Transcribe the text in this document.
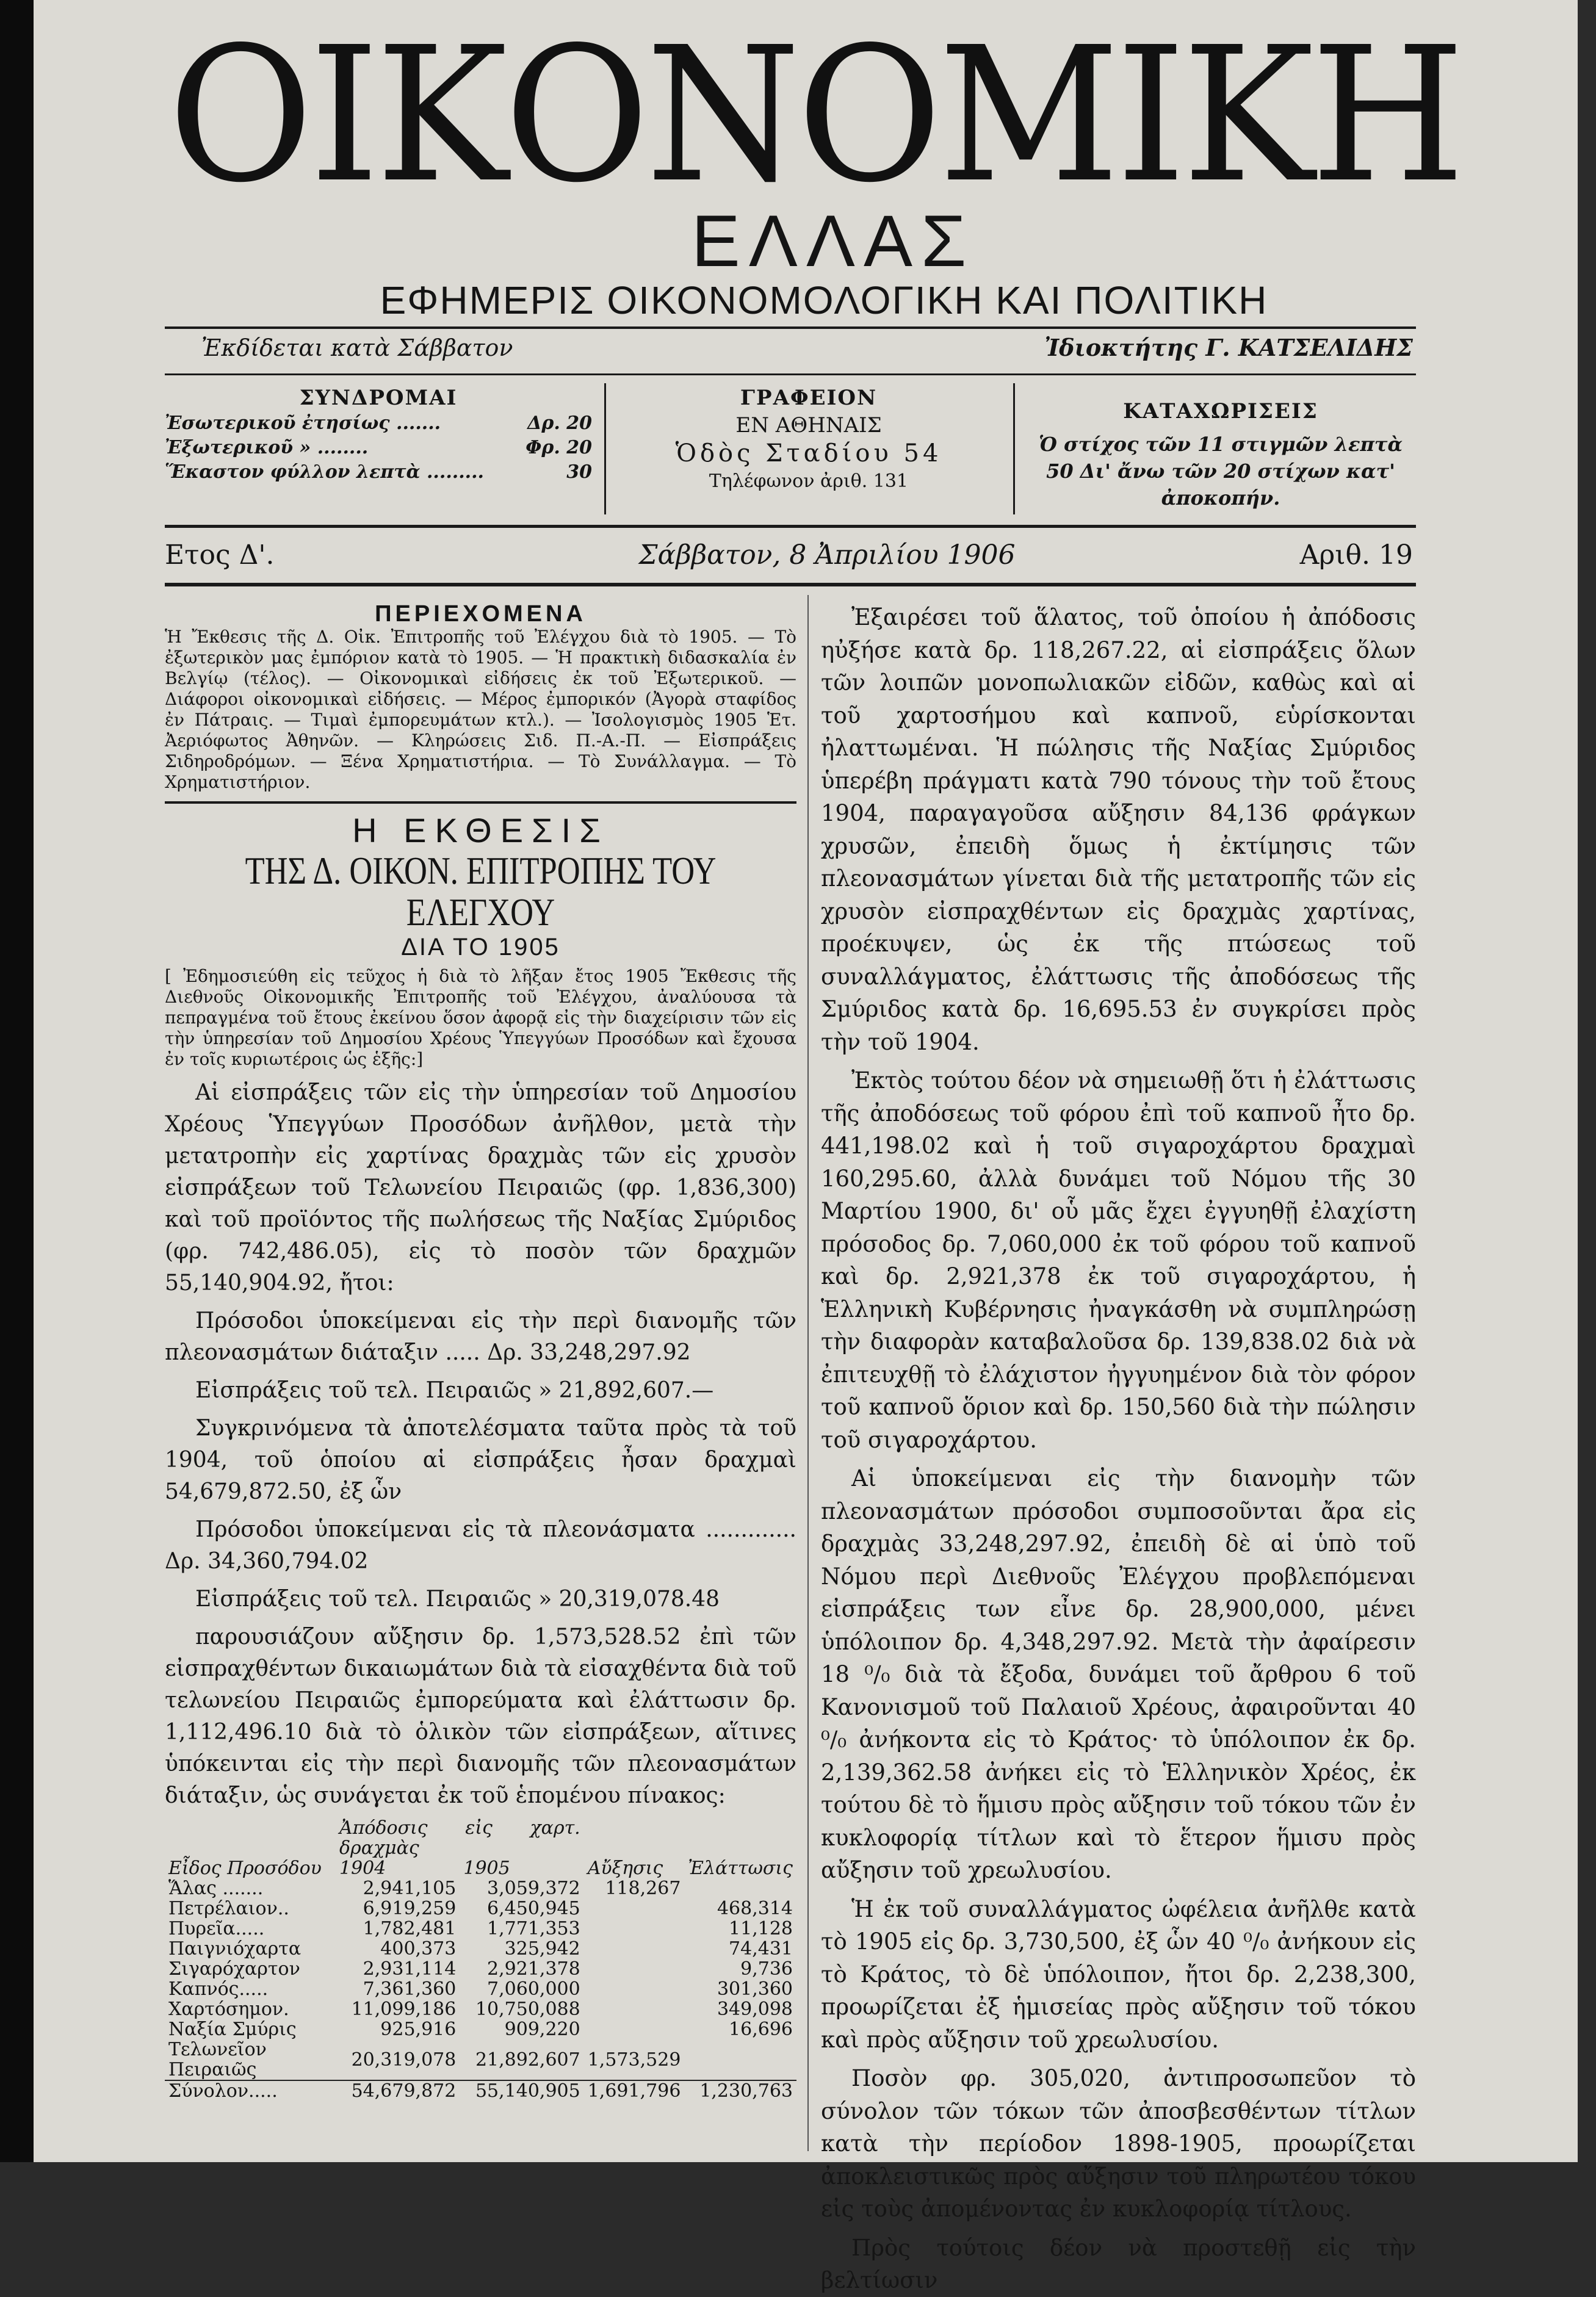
ΟΙΚΟΝΟΜΙΚΗ
ΕΛΛΑΣ
ΕΦΗΜΕΡΙΣ ΟΙΚΟΝΟΜΟΛΟΓΙΚΗ ΚΑΙ ΠΟΛΙΤΙΚΗ
Ἐκδίδεται κατὰ Σάββατον	Ἰδιοκτήτης Γ. ΚΑΤΣΕΛΙΔΗΣ
ΣΥΝΔΡΟΜΑΙ
Ἐσωτερικοῦ ἐτησίως .......	Δρ. 20
Ἐξωτερικοῦ » ........	Φρ. 20
Ἕκαστον φύλλον λεπτὰ .........	30
ΓΡΑΦΕΙΟΝ
ΕΝ ΑΘΗΝΑΙΣ
Ὁδὸς Σταδίου 54
Τηλέφωνον ἀριθ. 131
ΚΑΤΑΧΩΡΙΣΕΙΣ
Ὁ στίχος τῶν 11 στιγμῶν λεπτὰ 50 Δι' ἄνω τῶν 20 στίχων κατ' ἀποκοπήν.
Ετος Δ'.	Σάββατον, 8 Ἀπριλίου 1906	Αριθ. 19
ΠΕΡΙΕΧΟΜΕΝΑ
Ἡ Ἔκθεσις τῆς Δ. Οἰκ. Ἐπιτροπῆς τοῦ Ἐλέγχου διὰ τὸ 1905. — Τὸ ἐξωτερικὸν μας ἐμπόριον κατὰ τὸ 1905. — Ἡ πρακτικὴ διδασκαλία ἐν Βελγίῳ (τέλος). — Οἰκονομικαὶ εἰδήσεις ἐκ τοῦ Ἐξωτερικοῦ. — Διάφοροι οἰκονομικαὶ εἰδήσεις. — Μέρος ἐμπορικόν (Ἀγορὰ σταφίδος ἐν Πάτραις. — Τιμαὶ ἐμπορευμάτων κτλ.). — Ἰσολογισμὸς 1905 Ἑτ. Ἀεριόφωτος Ἀθηνῶν. — Κληρώσεις Σιδ. Π.-Α.-Π. — Εἰσπράξεις Σιδηροδρόμων. — Ξένα Χρηματιστήρια. — Τὸ Συνάλλαγμα. — Τὸ Χρηματιστήριον.
Η ΕΚΘΕΣΙΣ
ΤΗΣ Δ. ΟΙΚΟΝ. ΕΠΙΤΡΟΠΗΣ ΤΟΥ ΕΛΕΓΧΟΥ
ΔΙΑ ΤΟ 1905
[ Ἐδημοσιεύθη εἰς τεῦχος ἡ διὰ τὸ λῆξαν ἔτος 1905 Ἔκθεσις τῆς Διεθνοῦς Οἰκονομικῆς Ἐπιτροπῆς τοῦ Ἐλέγχου, ἀναλύουσα τὰ πεπραγμένα τοῦ ἔτους ἐκείνου ὅσον ἀφορᾷ εἰς τὴν διαχείρισιν τῶν εἰς τὴν ὑπηρεσίαν τοῦ Δημοσίου Χρέους Ὑπεγγύων Προσόδων καὶ ἔχουσα ἐν τοῖς κυριωτέροις ὡς ἑξῆς:]

Αἱ εἰσπράξεις τῶν εἰς τὴν ὑπηρεσίαν τοῦ Δημοσίου Χρέους Ὑπεγγύων Προσόδων ἀνῆλθον, μετὰ τὴν μετατροπὴν εἰς χαρτίνας δραχμὰς τῶν εἰς χρυσὸν εἰσπράξεων τοῦ Τελωνείου Πειραιῶς (φρ. 1,836,300) καὶ τοῦ προϊόντος τῆς πωλήσεως τῆς Ναξίας Σμύριδος (φρ. 742,486.05), εἰς τὸ ποσὸν τῶν δραχμῶν 55,140,904.92, ἤτοι:

Πρόσοδοι ὑποκείμεναι εἰς τὴν περὶ διανομῆς τῶν πλεονασμάτων διάταξιν ..... Δρ. 33,248,297.92

Εἰσπράξεις τοῦ τελ. Πειραιῶς » 21,892,607.—

Συγκρινόμενα τὰ ἀποτελέσματα ταῦτα πρὸς τὰ τοῦ 1904, τοῦ ὁποίου αἱ εἰσπράξεις ἦσαν δραχμαὶ 54,679,872.50, ἐξ ὧν

Πρόσοδοι ὑποκείμεναι εἰς τὰ πλεονάσματα ............. Δρ. 34,360,794.02

Εἰσπράξεις τοῦ τελ. Πειραιῶς » 20,319,078.48

παρουσιάζουν αὔξησιν δρ. 1,573,528.52 ἐπὶ τῶν εἰσπραχθέντων δικαιωμάτων διὰ τὰ εἰσαχθέντα διὰ τοῦ τελωνείου Πειραιῶς ἐμπορεύματα καὶ ἐλάττωσιν δρ. 1,112,496.10 διὰ τὸ ὁλικὸν τῶν εἰσπράξεων, αἵτινες ὑπόκεινται εἰς τὴν περὶ διανομῆς τῶν πλεονασμάτων διάταξιν, ὡς συνάγεται ἐκ τοῦ ἑπομένου πίνακος:

Εἶδος Προσόδου	Ἀπόδοσις εἰς χαρτ. δραχμὰς		Αὔξησις	Ἐλάττωσις
	1904	1905		
Ἅλας .......	2,941,105	3,059,372	118,267	
Πετρέλαιον..	6,919,259	6,450,945		468,314
Πυρεῖα.....	1,782,481	1,771,353		11,128
Παιγνιόχαρτα	400,373	325,942		74,431
Σιγαρόχαρτον	2,931,114	2,921,378		9,736
Καπνός.....	7,361,360	7,060,000		301,360
Χαρτόσημον.	11,099,186	10,750,088		349,098
Ναξία Σμύρις	925,916	909,220		16,696
Τελωνεῖον Πειραιῶς	20,319,078	21,892,607	1,573,529	
Σύνολον.....	54,679,872	55,140,905	1,691,796	1,230,763

Ἐξαιρέσει τοῦ ἅλατος, τοῦ ὁποίου ἡ ἀπόδοσις ηὐξήσε κατὰ δρ. 118,267.22, αἱ εἰσπράξεις ὅλων τῶν λοιπῶν μονοπωλιακῶν εἰδῶν, καθὼς καὶ αἱ τοῦ χαρτοσήμου καὶ καπνοῦ, εὑρίσκονται ἠλαττωμέναι. Ἡ πώλησις τῆς Ναξίας Σμύριδος ὑπερέβη πράγματι κατὰ 790 τόνους τὴν τοῦ ἔτους 1904, παραγαγοῦσα αὔξησιν 84,136 φράγκων χρυσῶν, ἐπειδὴ ὅμως ἡ ἐκτίμησις τῶν πλεονασμάτων γίνεται διὰ τῆς μετατροπῆς τῶν εἰς χρυσὸν εἰσπραχθέντων εἰς δραχμὰς χαρτίνας, προέκυψεν, ὡς ἐκ τῆς πτώσεως τοῦ συναλλάγματος, ἐλάττωσις τῆς ἀποδόσεως τῆς Σμύριδος κατὰ δρ. 16,695.53 ἐν συγκρίσει πρὸς τὴν τοῦ 1904.

Ἐκτὸς τούτου δέον νὰ σημειωθῇ ὅτι ἡ ἐλάττωσις τῆς ἀποδόσεως τοῦ φόρου ἐπὶ τοῦ καπνοῦ ἦτο δρ. 441,198.02 καὶ ἡ τοῦ σιγαροχάρτου δραχμαὶ 160,295.60, ἀλλὰ δυνάμει τοῦ Νόμου τῆς 30 Μαρτίου 1900, δι' οὗ μᾶς ἔχει ἐγγυηθῇ ἐλαχίστη πρόσοδος δρ. 7,060,000 ἐκ τοῦ φόρου τοῦ καπνοῦ καὶ δρ. 2,921,378 ἐκ τοῦ σιγαροχάρτου, ἡ Ἑλληνικὴ Κυβέρνησις ἠναγκάσθη νὰ συμπληρώσῃ τὴν διαφορὰν καταβαλοῦσα δρ. 139,838.02 διὰ νὰ ἐπιτευχθῇ τὸ ἐλάχιστον ἠγγυημένον διὰ τὸν φόρον τοῦ καπνοῦ ὅριον καὶ δρ. 150,560 διὰ τὴν πώλησιν τοῦ σιγαροχάρτου.

Αἱ ὑποκείμεναι εἰς τὴν διανομὴν τῶν πλεονασμάτων πρόσοδοι συμποσοῦνται ἄρα εἰς δραχμὰς 33,248,297.92, ἐπειδὴ δὲ αἱ ὑπὸ τοῦ Νόμου περὶ Διεθνοῦς Ἐλέγχου προβλεπόμεναι εἰσπράξεις των εἶνε δρ. 28,900,000, μένει ὑπόλοιπον δρ. 4,348,297.92. Μετὰ τὴν ἀφαίρεσιν 18 ⁰/₀ διὰ τὰ ἔξοδα, δυνάμει τοῦ ἄρθρου 6 τοῦ Κανονισμοῦ τοῦ Παλαιοῦ Χρέους, ἀφαιροῦνται 40 ⁰/₀ ἀνήκοντα εἰς τὸ Κράτος· τὸ ὑπόλοιπον ἐκ δρ. 2,139,362.58 ἀνήκει εἰς τὸ Ἑλληνικὸν Χρέος, ἐκ τούτου δὲ τὸ ἥμισυ πρὸς αὔξησιν τοῦ τόκου τῶν ἐν κυκλοφορίᾳ τίτλων καὶ τὸ ἕτερον ἥμισυ πρὸς αὔξησιν τοῦ χρεωλυσίου.

Ἡ ἐκ τοῦ συναλλάγματος ὠφέλεια ἀνῆλθε κατὰ τὸ 1905 εἰς δρ. 3,730,500, ἐξ ὧν 40 ⁰/₀ ἀνήκουν εἰς τὸ Κράτος, τὸ δὲ ὑπόλοιπον, ἤτοι δρ. 2,238,300, προωρίζεται ἐξ ἡμισείας πρὸς αὔξησιν τοῦ τόκου καὶ πρὸς αὔξησιν τοῦ χρεωλυσίου.

Ποσὸν φρ. 305,020, ἀντιπροσωπεῦον τὸ σύνολον τῶν τόκων τῶν ἀποσβεσθέντων τίτλων κατὰ τὴν περίοδον 1898-1905, προωρίζεται ἀποκλειστικῶς πρὸς αὔξησιν τοῦ πληρωτέου τόκου εἰς τοὺς ἀπομένοντας ἐν κυκλοφορίᾳ τίτλους.

Πρὸς τούτοις δέον νὰ προστεθῇ εἰς τὴν βελτίωσιν
